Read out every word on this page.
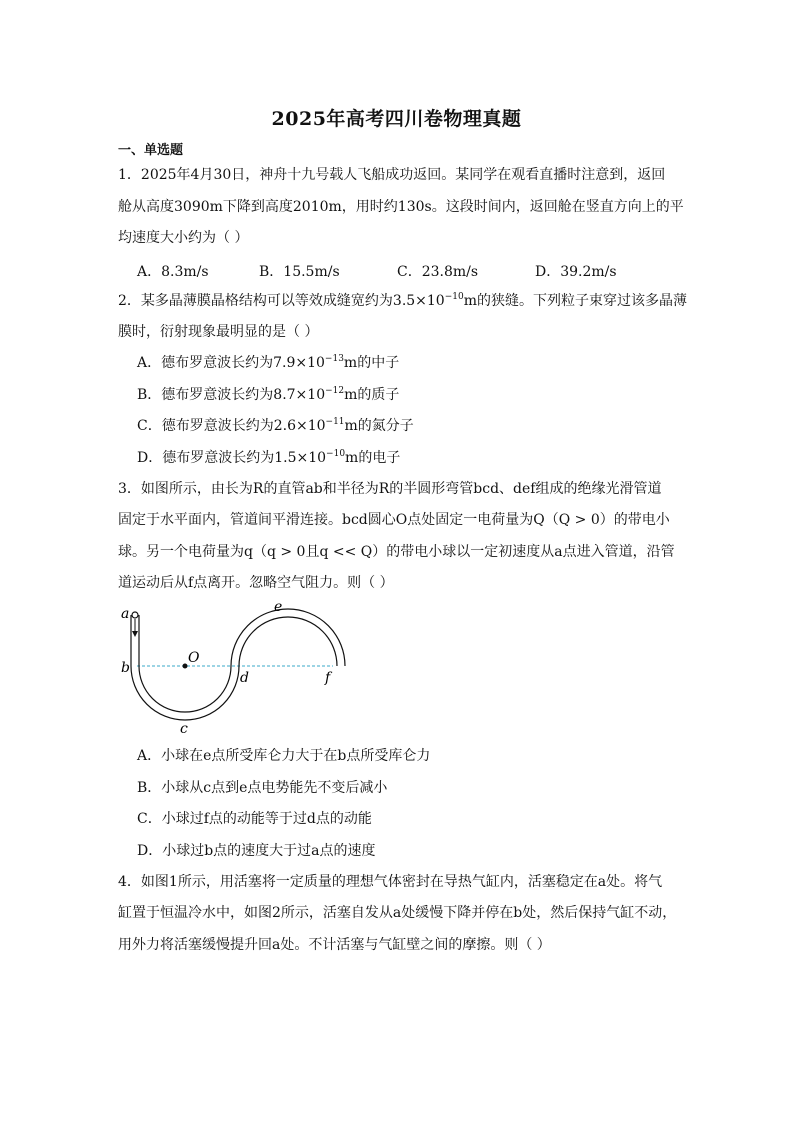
2025年高考四川卷物理真题
一、单选题
1．2025年4月30日，神舟十九号载人飞船成功返回。某同学在观看直播时注意到，返回
舱从高度3090m下降到高度2010m，用时约130s。这段时间内，返回舱在竖直方向上的平
均速度大小约为（ ）
A．8.3m/s	B．15.5m/s	C．23.8m/s	D．39.2m/s
2．某多晶薄膜晶格结构可以等效成缝宽约为$3.5\times 10^{-10}m$的狭缝。下列粒子束穿过该多晶薄
膜时，衍射现象最明显的是（ ）
A．德布罗意波长约为$7.9\times 10^{-13}m$的中子
B．德布罗意波长约为$8.7\times 10^{-12}m$的质子
C．德布罗意波长约为$2.6\times 10^{-11}m$的氮分子
D．德布罗意波长约为$1.5\times 10^{-10}m$的电子
3．如图所示，由长为R的直管ab和半径为R的半圆形弯管bcd、def组成的绝缘光滑管道
固定于水平面内，管道间平滑连接。bcd圆心O点处固定一电荷量为Q（Q > 0）的带电小
球。另一个电荷量为q（q > 0且q << Q）的带电小球以一定初速度从a点进入管道，沿管
道运动后从f点离开。忽略空气阻力。则（ ）
a
b
c
d
e
f
O
A．小球在e点所受库仑力大于在b点所受库仑力
B．小球从c点到e点电势能先不变后减小
C．小球过f点的动能等于过d点的动能
D．小球过b点的速度大于过a点的速度
4．如图1所示，用活塞将一定质量的理想气体密封在导热气缸内，活塞稳定在a处。将气
缸置于恒温冷水中，如图2所示，活塞自发从a处缓慢下降并停在b处，然后保持气缸不动，
用外力将活塞缓慢提升回a处。不计活塞与气缸壁之间的摩擦。则（ ）
